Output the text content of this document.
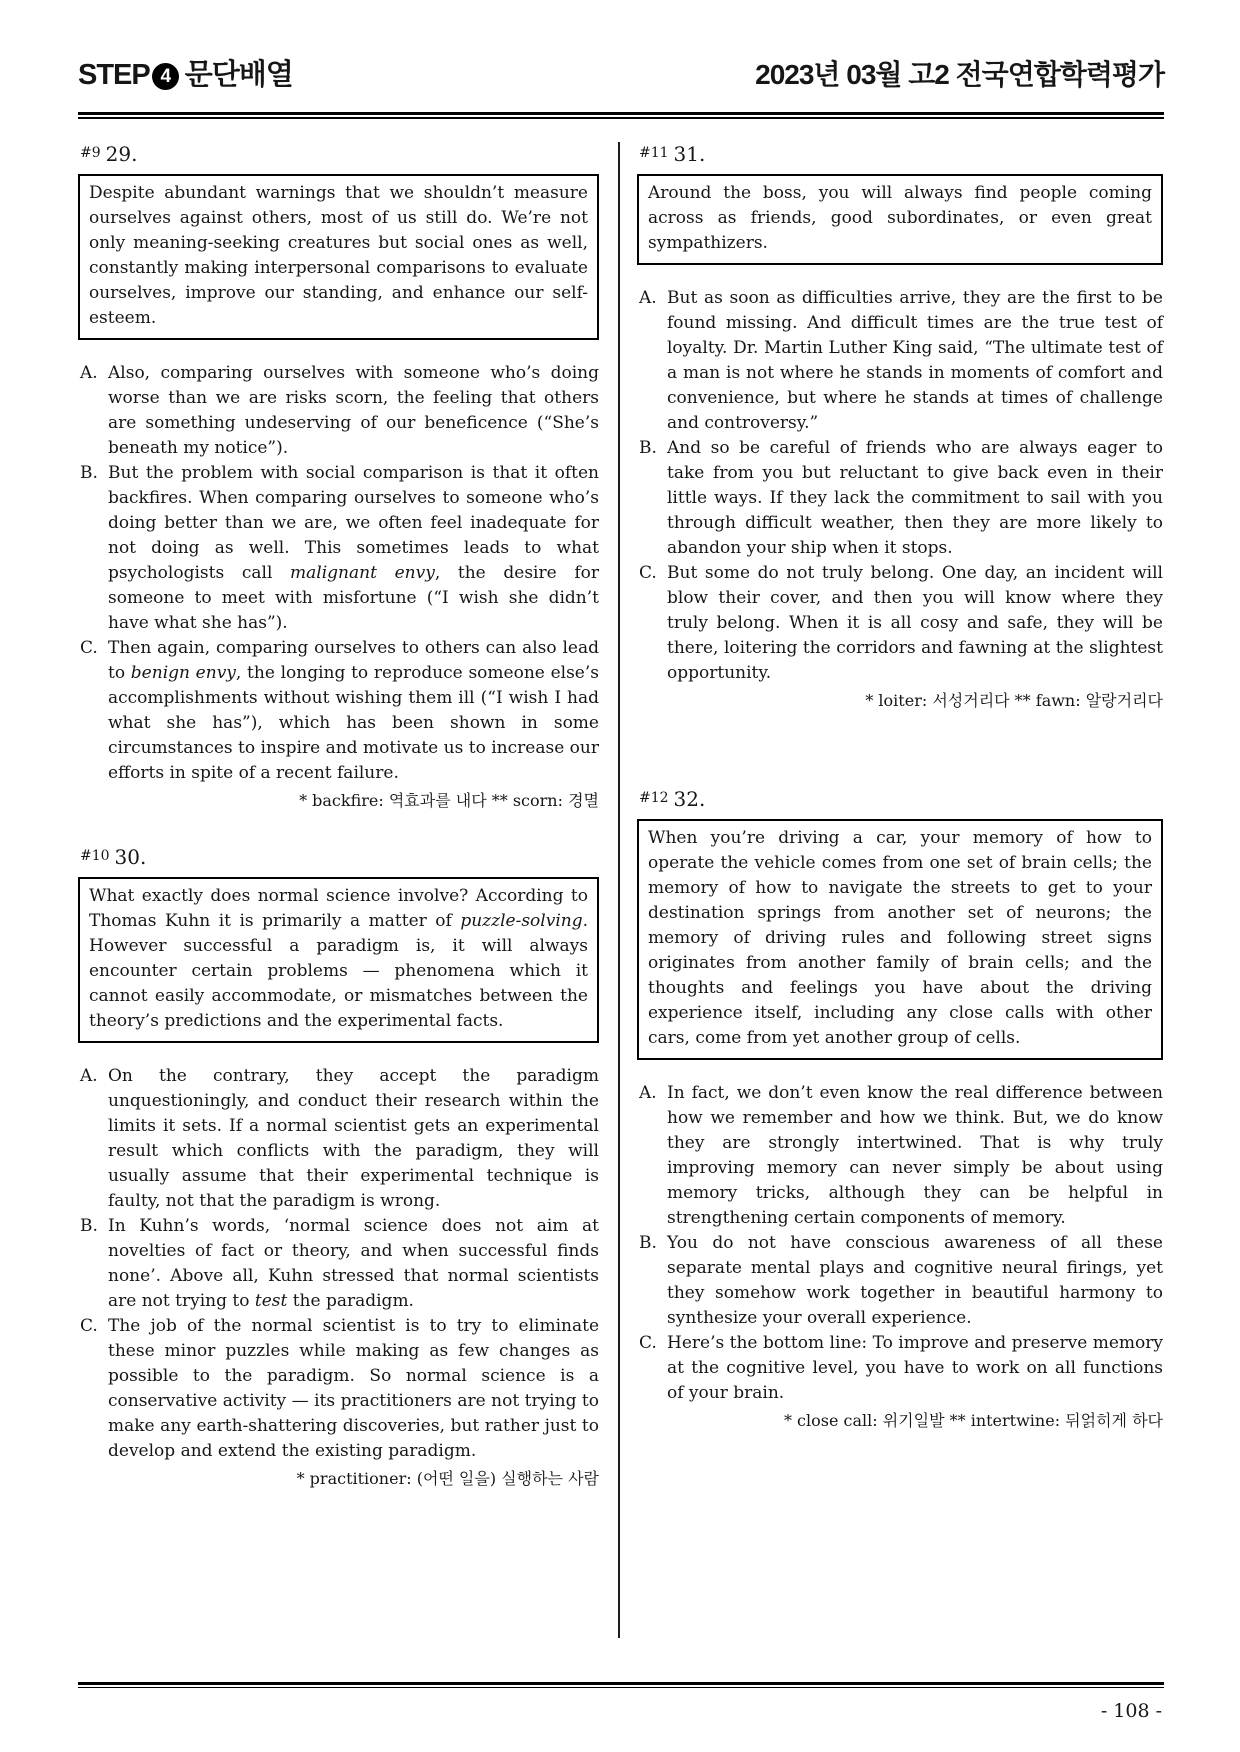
STEP 4 문단배열	2023년 03월 고2 전국연합학력평가
#9 29.
Despite abundant warnings that we shouldn’t measure ourselves against others, most of us still do. We’re not only meaning-seeking creatures but social ones as well, constantly making interpersonal comparisons to evaluate ourselves, improve our standing, and enhance our self-esteem.
A. Also, comparing ourselves with someone who’s doing worse than we are risks scorn, the feeling that others are something undeserving of our beneficence (“She’s beneath my notice”).
B. But the problem with social comparison is that it often backfires. When comparing ourselves to someone who’s doing better than we are, we often feel inadequate for not doing as well. This sometimes leads to what psychologists call malignant envy, the desire for someone to meet with misfortune (“I wish she didn’t have what she has”).
C. Then again, comparing ourselves to others can also lead to benign envy, the longing to reproduce someone else’s accomplishments without wishing them ill (“I wish I had what she has”), which has been shown in some circumstances to inspire and motivate us to increase our efforts in spite of a recent failure.
* backfire: 역효과를 내다 ** scorn: 경멸
#10 30.
What exactly does normal science involve? According to Thomas Kuhn it is primarily a matter of puzzle-solving. However successful a paradigm is, it will always encounter certain problems — phenomena which it cannot easily accommodate, or mismatches between the theory’s predictions and the experimental facts.
A. On the contrary, they accept the paradigm unquestioningly, and conduct their research within the limits it sets. If a normal scientist gets an experimental result which conflicts with the paradigm, they will usually assume that their experimental technique is faulty, not that the paradigm is wrong.
B. In Kuhn’s words, ‘normal science does not aim at novelties of fact or theory, and when successful finds none’. Above all, Kuhn stressed that normal scientists are not trying to test the paradigm.
C. The job of the normal scientist is to try to eliminate these minor puzzles while making as few changes as possible to the paradigm. So normal science is a conservative activity — its practitioners are not trying to make any earth-shattering discoveries, but rather just to develop and extend the existing paradigm.
* practitioner: (어떤 일을) 실행하는 사람
#11 31.
Around the boss, you will always find people coming across as friends, good subordinates, or even great sympathizers.
A. But as soon as difficulties arrive, they are the first to be found missing. And difficult times are the true test of loyalty. Dr. Martin Luther King said, “The ultimate test of a man is not where he stands in moments of comfort and convenience, but where he stands at times of challenge and controversy.”
B. And so be careful of friends who are always eager to take from you but reluctant to give back even in their little ways. If they lack the commitment to sail with you through difficult weather, then they are more likely to abandon your ship when it stops.
C. But some do not truly belong. One day, an incident will blow their cover, and then you will know where they truly belong. When it is all cosy and safe, they will be there, loitering the corridors and fawning at the slightest opportunity.
* loiter: 서성거리다 ** fawn: 알랑거리다
#12 32.
When you’re driving a car, your memory of how to operate the vehicle comes from one set of brain cells; the memory of how to navigate the streets to get to your destination springs from another set of neurons; the memory of driving rules and following street signs originates from another family of brain cells; and the thoughts and feelings you have about the driving experience itself, including any close calls with other cars, come from yet another group of cells.
A. In fact, we don’t even know the real difference between how we remember and how we think. But, we do know they are strongly intertwined. That is why truly improving memory can never simply be about using memory tricks, although they can be helpful in strengthening certain components of memory.
B. You do not have conscious awareness of all these separate mental plays and cognitive neural firings, yet they somehow work together in beautiful harmony to synthesize your overall experience.
C. Here’s the bottom line: To improve and preserve memory at the cognitive level, you have to work on all functions of your brain.
* close call: 위기일발 ** intertwine: 뒤얽히게 하다
- 108 -
